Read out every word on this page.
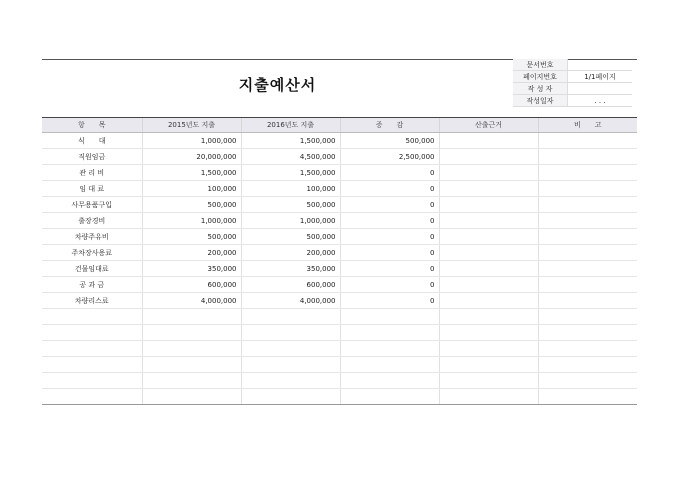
지출예산서
문서번호	
페이지번호	1/1페이지
작 성 자	
작성일자	. . .
항　　목	2015년도 지출	2016년도 지출	증　　감	산출근거	비　　고
식　　대	1,000,000	1,500,000	500,000		
직원임금	20,000,000	4,500,000	2,500,000		
관 리 비	1,500,000	1,500,000	0		
임 대 료	100,000	100,000	0		
사무용품구입	500,000	500,000	0		
출장경비	1,000,000	1,000,000	0		
차량주유비	500,000	500,000	0		
주차장사용료	200,000	200,000	0		
건물임대료	350,000	350,000	0		
공 과 금	600,000	600,000	0		
차량리스료	4,000,000	4,000,000	0		
